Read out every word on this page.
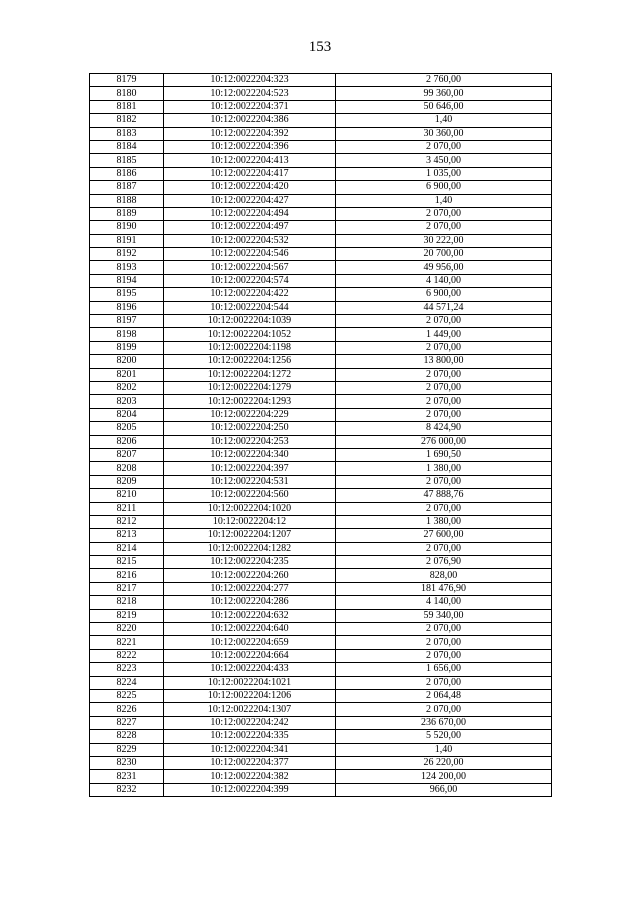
153
8179	10:12:0022204:323	2 760,00
8180	10:12:0022204:523	99 360,00
8181	10:12:0022204:371	50 646,00
8182	10:12:0022204:386	1,40
8183	10:12:0022204:392	30 360,00
8184	10:12:0022204:396	2 070,00
8185	10:12:0022204:413	3 450,00
8186	10:12:0022204:417	1 035,00
8187	10:12:0022204:420	6 900,00
8188	10:12:0022204:427	1,40
8189	10:12:0022204:494	2 070,00
8190	10:12:0022204:497	2 070,00
8191	10:12:0022204:532	30 222,00
8192	10:12:0022204:546	20 700,00
8193	10:12:0022204:567	49 956,00
8194	10:12:0022204:574	4 140,00
8195	10:12:0022204:422	6 900,00
8196	10:12:0022204:544	44 571,24
8197	10:12:0022204:1039	2 070,00
8198	10:12:0022204:1052	1 449,00
8199	10:12:0022204:1198	2 070,00
8200	10:12:0022204:1256	13 800,00
8201	10:12:0022204:1272	2 070,00
8202	10:12:0022204:1279	2 070,00
8203	10:12:0022204:1293	2 070,00
8204	10:12:0022204:229	2 070,00
8205	10:12:0022204:250	8 424,90
8206	10:12:0022204:253	276 000,00
8207	10:12:0022204:340	1 690,50
8208	10:12:0022204:397	1 380,00
8209	10:12:0022204:531	2 070,00
8210	10:12:0022204:560	47 888,76
8211	10:12:0022204:1020	2 070,00
8212	10:12:0022204:12	1 380,00
8213	10:12:0022204:1207	27 600,00
8214	10:12:0022204:1282	2 070,00
8215	10:12:0022204:235	2 076,90
8216	10:12:0022204:260	828,00
8217	10:12:0022204:277	181 476,90
8218	10:12:0022204:286	4 140,00
8219	10:12:0022204:632	59 340,00
8220	10:12:0022204:640	2 070,00
8221	10:12:0022204:659	2 070,00
8222	10:12:0022204:664	2 070,00
8223	10:12:0022204:433	1 656,00
8224	10:12:0022204:1021	2 070,00
8225	10:12:0022204:1206	2 064,48
8226	10:12:0022204:1307	2 070,00
8227	10:12:0022204:242	236 670,00
8228	10:12:0022204:335	5 520,00
8229	10:12:0022204:341	1,40
8230	10:12:0022204:377	26 220,00
8231	10:12:0022204:382	124 200,00
8232	10:12:0022204:399	966,00
